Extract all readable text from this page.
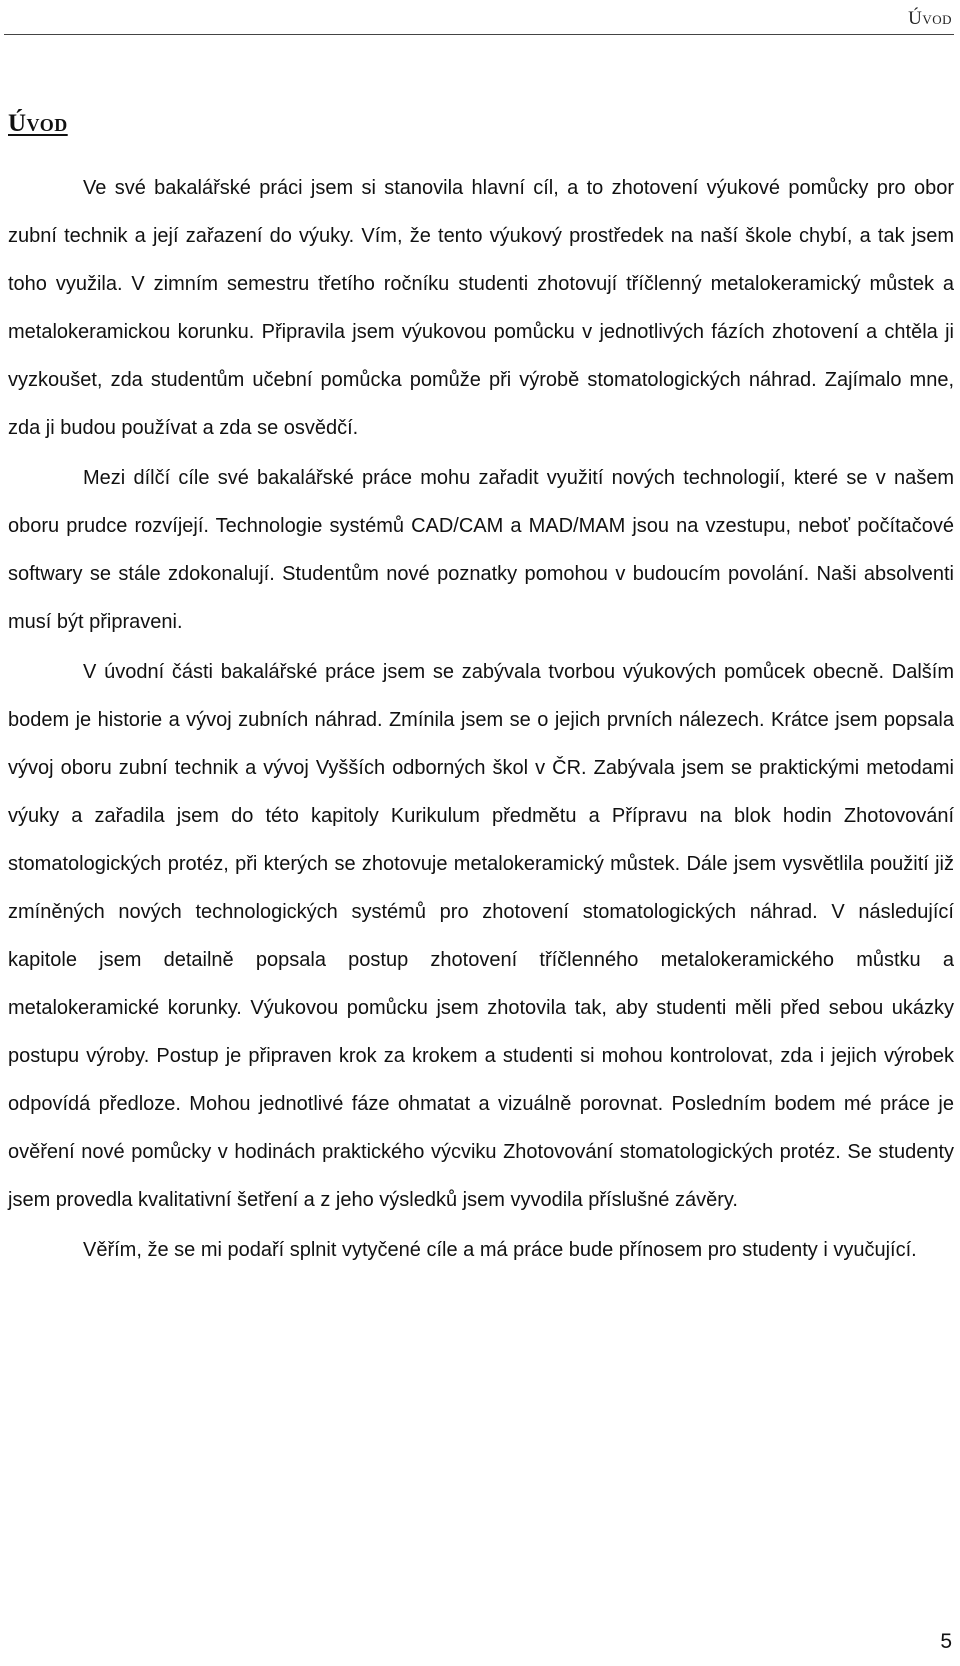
Úvod
Úvod

Ve své bakalářské práci jsem si stanovila hlavní cíl, a to zhotovení výukové pomůcky pro obor zubní technik a její zařazení do výuky. Vím, že tento výukový prostředek na naší škole chybí, a tak jsem toho využila. V zimním semestru třetího ročníku studenti zhotovují tříčlenný metalokeramický můstek a metalokeramickou korunku. Připravila jsem výukovou pomůcku v jednotlivých fázích zhotovení a chtěla ji vyzkoušet, zda studentům učební pomůcka pomůže při výrobě stomatologických náhrad. Zajímalo mne, zda ji budou používat a zda se osvědčí.

Mezi dílčí cíle své bakalářské práce mohu zařadit využití nových technologií, které se v našem oboru prudce rozvíjejí. Technologie systémů CAD/CAM a MAD/MAM jsou na vzestupu, neboť počítačové softwary se stále zdokonalují. Studentům nové poznatky pomohou v budoucím povolání. Naši absolventi musí být připraveni.

V úvodní části bakalářské práce jsem se zabývala tvorbou výukových pomůcek obecně. Dalším bodem je historie a vývoj zubních náhrad. Zmínila jsem se o jejich prvních nálezech. Krátce jsem popsala vývoj oboru zubní technik a vývoj Vyšších odborných škol v ČR. Zabývala jsem se praktickými metodami výuky a zařadila jsem do této kapitoly Kurikulum předmětu a Přípravu na blok hodin Zhotovování stomatologických protéz, při kterých se zhotovuje metalokeramický můstek. Dále jsem vysvětlila použití již zmíněných nových technologických systémů pro zhotovení stomatologických náhrad. V následující kapitole jsem detailně popsala postup zhotovení tříčlenného metalokeramického můstku a metalokeramické korunky. Výukovou pomůcku jsem zhotovila tak, aby studenti měli před sebou ukázky postupu výroby. Postup je připraven krok za krokem a studenti si mohou kontrolovat, zda i jejich výrobek odpovídá předloze. Mohou jednotlivé fáze ohmatat a vizuálně porovnat. Posledním bodem mé práce je ověření nové pomůcky v hodinách praktického výcviku Zhotovování stomatologických protéz. Se studenty jsem provedla kvalitativní šetření a z jeho výsledků jsem vyvodila příslušné závěry.

Věřím, že se mi podaří splnit vytyčené cíle a má práce bude přínosem pro studenty i vyučující.

5
